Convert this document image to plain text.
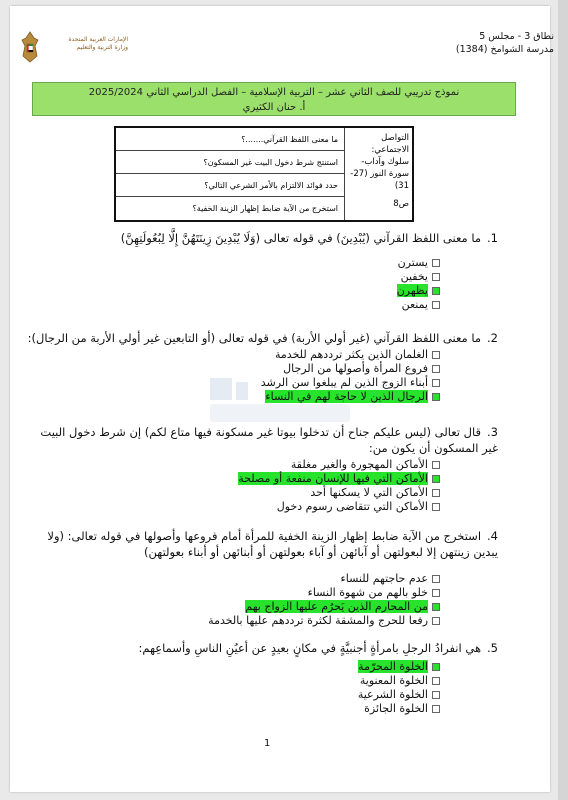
نطاق 3 - مجلس 5
مدرسة الشوامخ (1384)
الإمارات العربية المتحدة
وزارة التربية والتعليم
نموذج تدريبي للصف الثاني عشر – التربية الإسلامية – الفصل الدراسي الثاني 2025/2024
أ. حنان الكثيري
التواصل الاجتماعي:
سلوك وآداب-سورة النور (27-31)
ص8
ما معنى اللفظ القرآني.......؟
استنتج شرط دخول البيت غير المسكون؟
حدد فوائد الالتزام بالأمر الشرعي التالي؟
استخرج من الآية ضابط إظهار الزينة الخفية؟
1.ما معنى اللفظ القرآني (يُبْدِينَ) في قوله تعالى (وَلَا يُبْدِينَ زِينَتَهُنَّ إِلَّا لِبُعُولَتِهِنَّ)
يسترن
يخفين
يظهرن
يمنعن
2.ما معنى اللفظ القرآني (غير أولي الأربة) في قوله تعالى (أو التابعين غير أولي الأربة من الرجال):
الغلمان الذين يكثر ترددهم للخدمة
فروع المرأة وأصولها من الرجال
أبناء الزوج الذين لم يبلغوا سن الرشد
الرجال الذين لا حاجة لهم في النساء
3.قال تعالى (ليس عليكم جناح أن تدخلوا بيوتا غير مسكونة فيها متاع لكم) إن شرط دخول البيت غير المسكون أن يكون من:
الأماكن المهجورة والغير مغلقة
الأماكن التي فيها للإنسان منفعة أو مصلحة
الأماكن التي لا يسكنها أحد
الأماكن التي تتقاضى رسوم دخول
4.استخرج من الآية ضابط إظهار الزينة الخفية للمرأة أمام فروعها وأصولها في قوله تعالى: (ولا يبدين زينتهن إلا لبعولتهن أو آبائهن أو آباء بعولتهن أو أبنائهن أو أبناء بعولتهن)
عدم حاجتهم للنساء
خلو بالهم من شهوة النساء
من المحارم الذين يَحرُم عليها الزواج بهم
رفعا للحرج والمشقة لكثرة ترددهم عليها بالخدمة
5.هي انفرادُ الرجلِ بامرأةٍ أجنبيَّةٍ في مكانٍ بعيدٍ عن أعيُنِ الناسِ وأسماعِهم:
الخلوة المحرّمة
الخلوة المعنوية
الخلوة الشرعية
الخلوة الجائزة
1
